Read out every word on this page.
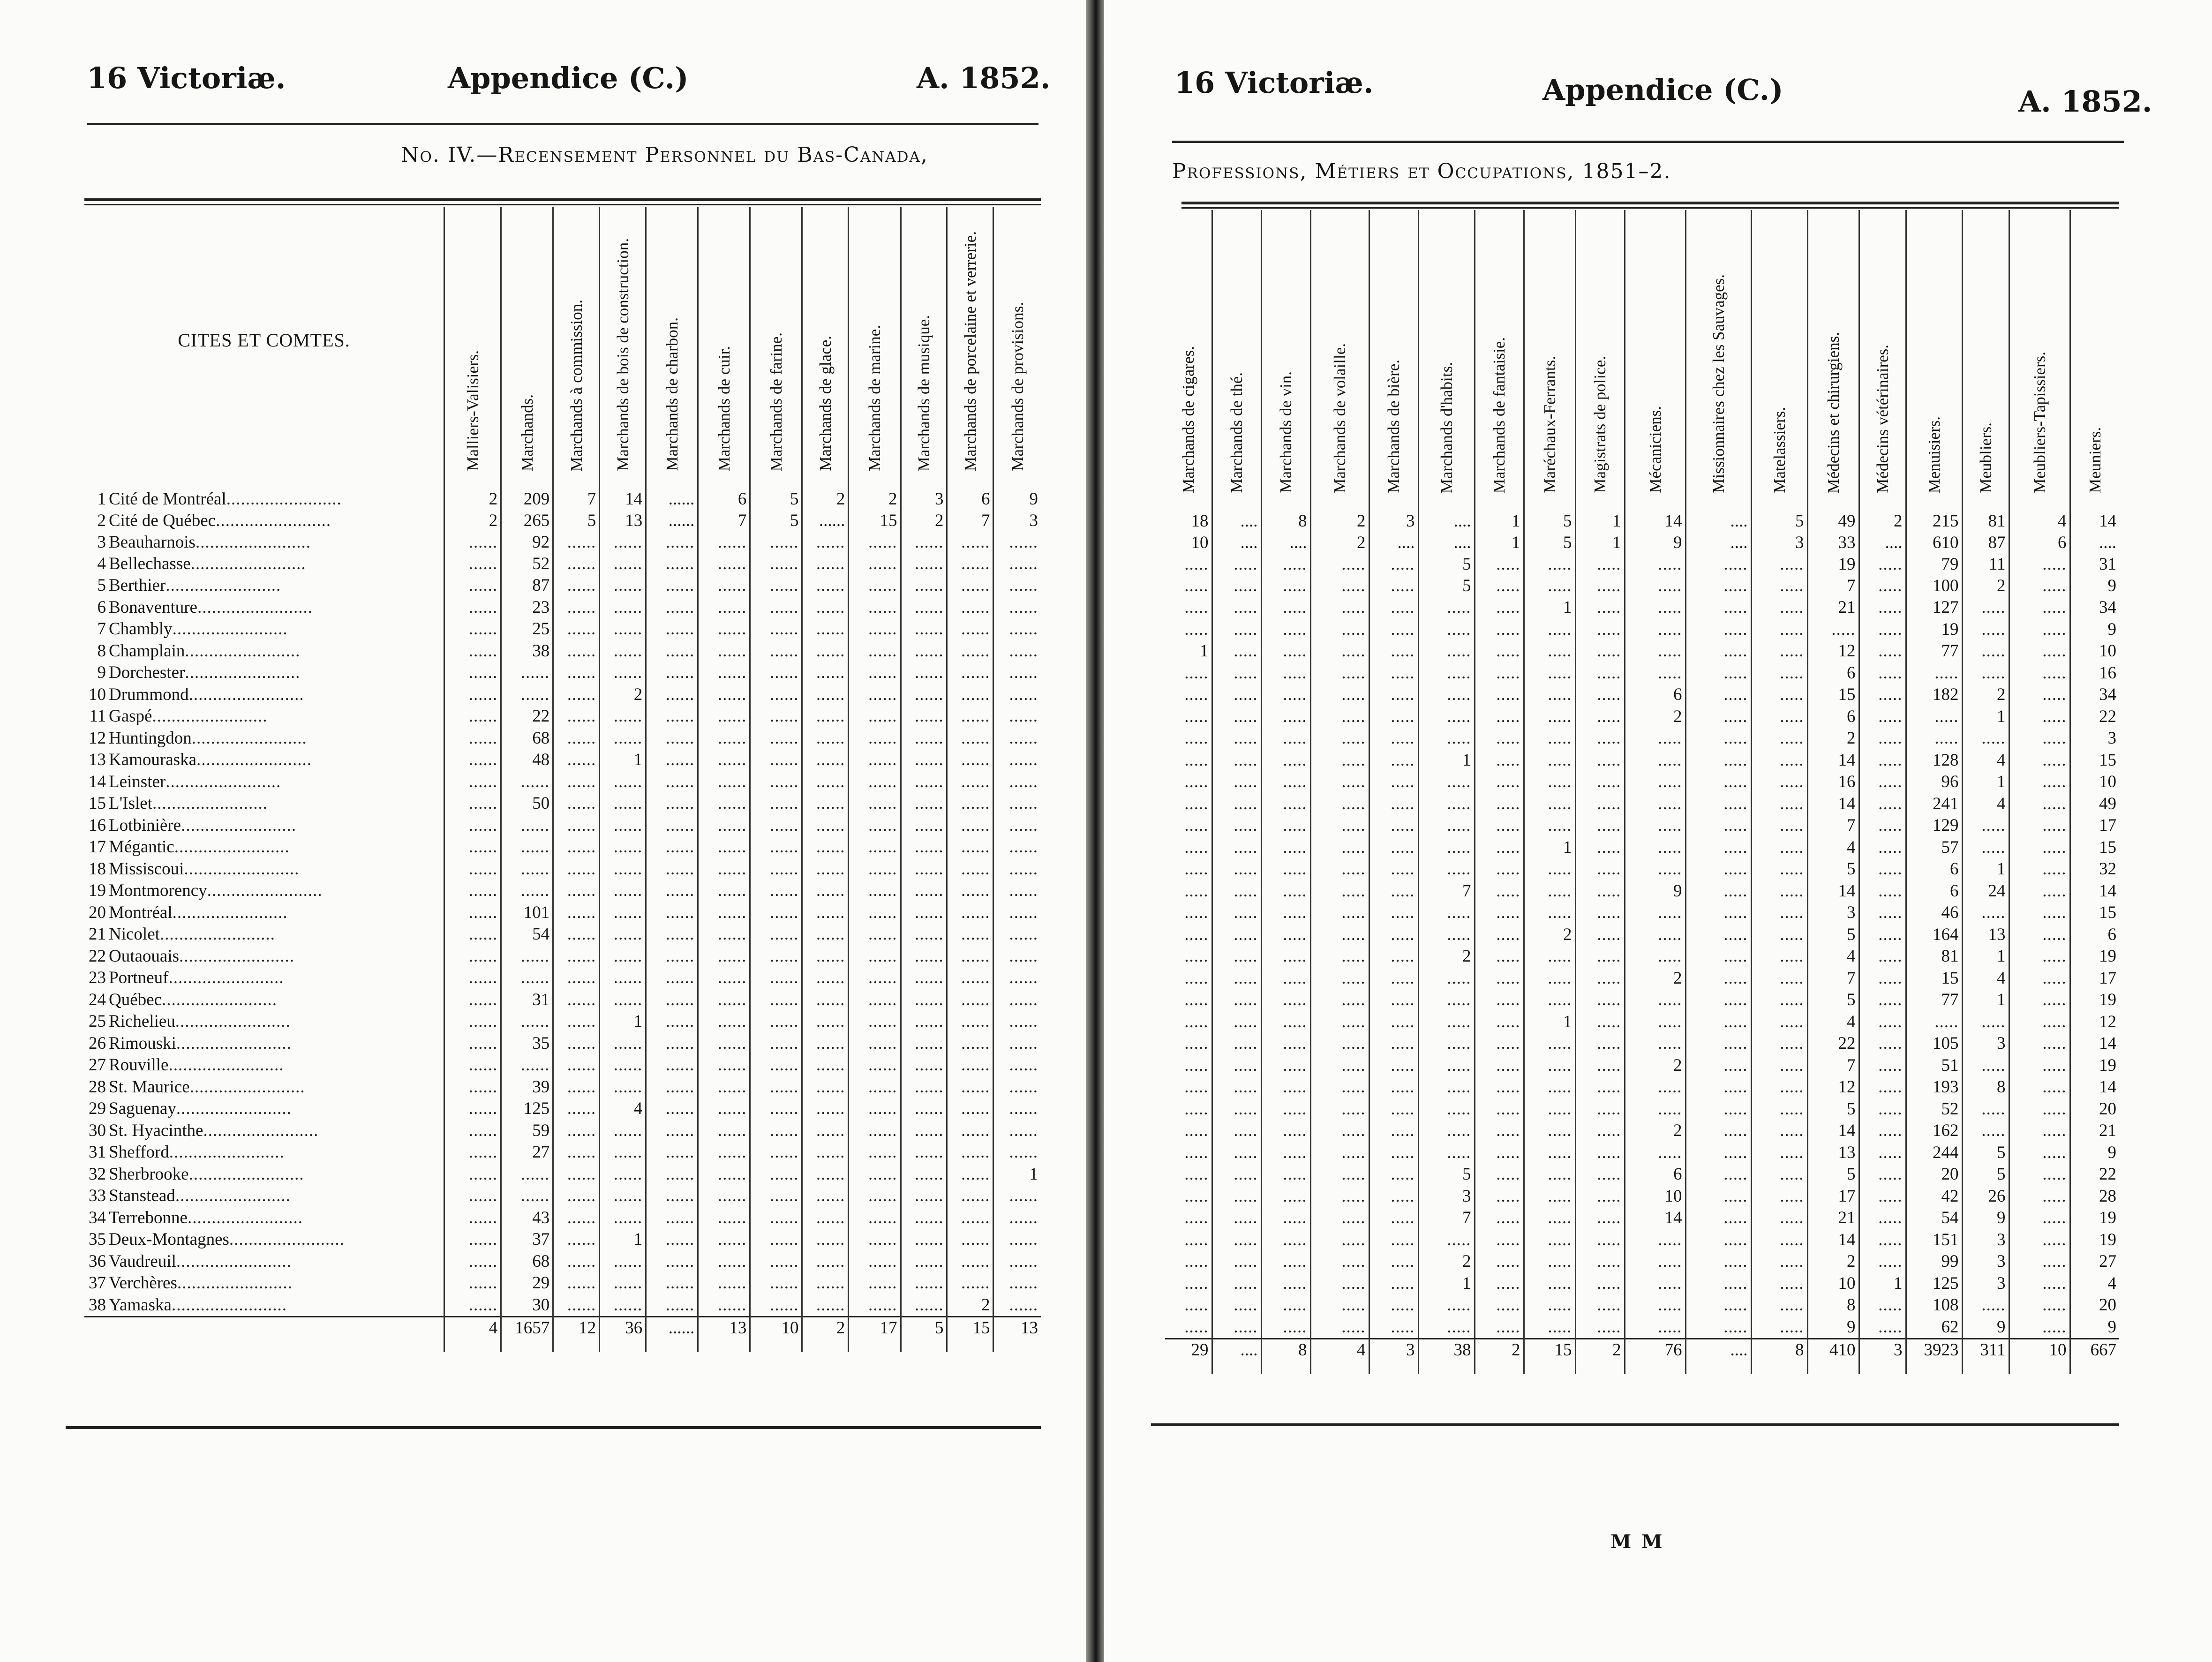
16 Victoriæ.	Appendice (C.)	A. 1852.
No. IV.—Recensement Personnel du Bas-Canada,
CITES ET COMTES.	Malliers-Valisiers.	Marchands.	Marchands à commission.	Marchands de bois de construction.	Marchands de charbon.	Marchands de cuir.	Marchands de farine.	Marchands de glace.	Marchands de marine.	Marchands de musique.	Marchands de porcelaine et verrerie.	Marchands de provisions.

1 Cité de Montréal........................	2	209	7	14	......	6	5	2	2	3	6	9
2 Cité de Québec........................	2	265	5	13	......	7	5	......	15	2	7	3
3 Beauharnois........................	......	92	......	......	......	......	......	......	......	......	......	......
4 Bellechasse........................	......	52	......	......	......	......	......	......	......	......	......	......
5 Berthier........................	......	87	......	......	......	......	......	......	......	......	......	......
6 Bonaventure........................	......	23	......	......	......	......	......	......	......	......	......	......
7 Chambly........................	......	25	......	......	......	......	......	......	......	......	......	......
8 Champlain........................	......	38	......	......	......	......	......	......	......	......	......	......
9 Dorchester........................	......	......	......	......	......	......	......	......	......	......	......	......
10 Drummond........................	......	......	......	2	......	......	......	......	......	......	......	......
11 Gaspé........................	......	22	......	......	......	......	......	......	......	......	......	......
12 Huntingdon........................	......	68	......	......	......	......	......	......	......	......	......	......
13 Kamouraska........................	......	48	......	1	......	......	......	......	......	......	......	......
14 Leinster........................	......	......	......	......	......	......	......	......	......	......	......	......
15 L'Islet........................	......	50	......	......	......	......	......	......	......	......	......	......
16 Lotbinière........................	......	......	......	......	......	......	......	......	......	......	......	......
17 Mégantic........................	......	......	......	......	......	......	......	......	......	......	......	......
18 Missiscoui........................	......	......	......	......	......	......	......	......	......	......	......	......
19 Montmorency........................	......	......	......	......	......	......	......	......	......	......	......	......
20 Montréal........................	......	101	......	......	......	......	......	......	......	......	......	......
21 Nicolet........................	......	54	......	......	......	......	......	......	......	......	......	......
22 Outaouais........................	......	......	......	......	......	......	......	......	......	......	......	......
23 Portneuf........................	......	......	......	......	......	......	......	......	......	......	......	......
24 Québec........................	......	31	......	......	......	......	......	......	......	......	......	......
25 Richelieu........................	......	......	......	1	......	......	......	......	......	......	......	......
26 Rimouski........................	......	35	......	......	......	......	......	......	......	......	......	......
27 Rouville........................	......	......	......	......	......	......	......	......	......	......	......	......
28 St. Maurice........................	......	39	......	......	......	......	......	......	......	......	......	......
29 Saguenay........................	......	125	......	4	......	......	......	......	......	......	......	......
30 St. Hyacinthe........................	......	59	......	......	......	......	......	......	......	......	......	......
31 Shefford........................	......	27	......	......	......	......	......	......	......	......	......	......
32 Sherbrooke........................	......	......	......	......	......	......	......	......	......	......	......	1
33 Stanstead........................	......	......	......	......	......	......	......	......	......	......	......	......
34 Terrebonne........................	......	43	......	......	......	......	......	......	......	......	......	......
35 Deux-Montagnes........................	......	37	......	1	......	......	......	......	......	......	......	......
36 Vaudreuil........................	......	68	......	......	......	......	......	......	......	......	......	......
37 Verchères........................	......	29	......	......	......	......	......	......	......	......	......	......
38 Yamaska........................	......	30	......	......	......	......	......	......	......	......	2	......
	4	1657	12	36	......	13	10	2	17	5	15	13
16 Victoriæ.	Appendice (C.)	A. 1852.
Professions, Métiers et Occupations, 1851–2.
Marchands de cigares.	Marchands de thé.	Marchands de vin.	Marchands de volaille.	Marchands de bière.	Marchands d'habits.	Marchands de fantaisie.	Maréchaux-Ferrants.	Magistrats de police.	Mécaniciens.	Missionnaires chez les Sauvages.	Matelassiers.	Médecins et chirurgiens.	Médecins vétérinaires.	Menuisiers.	Meubliers.	Meubliers-Tapissiers.	Meuniers.

18	....	8	2	3	....	1	5	1	14	....	5	49	2	215	81	4	14
10	....	....	2	....	....	1	5	1	9	....	3	33	....	610	87	6	....
.....	.....	.....	.....	.....	5	.....	.....	.....	.....	.....	.....	19	.....	79	11	.....	31
.....	.....	.....	.....	.....	5	.....	.....	.....	.....	.....	.....	7	.....	100	2	.....	9
.....	.....	.....	.....	.....	.....	.....	1	.....	.....	.....	.....	21	.....	127	.....	.....	34
.....	.....	.....	.....	.....	.....	.....	.....	.....	.....	.....	.....	.....	.....	19	.....	.....	9
1	.....	.....	.....	.....	.....	.....	.....	.....	.....	.....	.....	12	.....	77	.....	.....	10
.....	.....	.....	.....	.....	.....	.....	.....	.....	.....	.....	.....	6	.....	.....	.....	.....	16
.....	.....	.....	.....	.....	.....	.....	.....	.....	6	.....	.....	15	.....	182	2	.....	34
.....	.....	.....	.....	.....	.....	.....	.....	.....	2	.....	.....	6	.....	.....	1	.....	22
.....	.....	.....	.....	.....	.....	.....	.....	.....	.....	.....	.....	2	.....	.....	.....	.....	3
.....	.....	.....	.....	.....	1	.....	.....	.....	.....	.....	.....	14	.....	128	4	.....	15
.....	.....	.....	.....	.....	.....	.....	.....	.....	.....	.....	.....	16	.....	96	1	.....	10
.....	.....	.....	.....	.....	.....	.....	.....	.....	.....	.....	.....	14	.....	241	4	.....	49
.....	.....	.....	.....	.....	.....	.....	.....	.....	.....	.....	.....	7	.....	129	.....	.....	17
.....	.....	.....	.....	.....	.....	.....	1	.....	.....	.....	.....	4	.....	57	.....	.....	15
.....	.....	.....	.....	.....	.....	.....	.....	.....	.....	.....	.....	5	.....	6	1	.....	32
.....	.....	.....	.....	.....	7	.....	.....	.....	9	.....	.....	14	.....	6	24	.....	14
.....	.....	.....	.....	.....	.....	.....	.....	.....	.....	.....	.....	3	.....	46	.....	.....	15
.....	.....	.....	.....	.....	.....	.....	2	.....	.....	.....	.....	5	.....	164	13	.....	6
.....	.....	.....	.....	.....	2	.....	.....	.....	.....	.....	.....	4	.....	81	1	.....	19
.....	.....	.....	.....	.....	.....	.....	.....	.....	2	.....	.....	7	.....	15	4	.....	17
.....	.....	.....	.....	.....	.....	.....	.....	.....	.....	.....	.....	5	.....	77	1	.....	19
.....	.....	.....	.....	.....	.....	.....	1	.....	.....	.....	.....	4	.....	.....	.....	.....	12
.....	.....	.....	.....	.....	.....	.....	.....	.....	.....	.....	.....	22	.....	105	3	.....	14
.....	.....	.....	.....	.....	.....	.....	.....	.....	2	.....	.....	7	.....	51	.....	.....	19
.....	.....	.....	.....	.....	.....	.....	.....	.....	.....	.....	.....	12	.....	193	8	.....	14
.....	.....	.....	.....	.....	.....	.....	.....	.....	.....	.....	.....	5	.....	52	.....	.....	20
.....	.....	.....	.....	.....	.....	.....	.....	.....	2	.....	.....	14	.....	162	.....	.....	21
.....	.....	.....	.....	.....	.....	.....	.....	.....	.....	.....	.....	13	.....	244	5	.....	9
.....	.....	.....	.....	.....	5	.....	.....	.....	6	.....	.....	5	.....	20	5	.....	22
.....	.....	.....	.....	.....	3	.....	.....	.....	10	.....	.....	17	.....	42	26	.....	28
.....	.....	.....	.....	.....	7	.....	.....	.....	14	.....	.....	21	.....	54	9	.....	19
.....	.....	.....	.....	.....	.....	.....	.....	.....	.....	.....	.....	14	.....	151	3	.....	19
.....	.....	.....	.....	.....	2	.....	.....	.....	.....	.....	.....	2	.....	99	3	.....	27
.....	.....	.....	.....	.....	1	.....	.....	.....	.....	.....	.....	10	1	125	3	.....	4
.....	.....	.....	.....	.....	.....	.....	.....	.....	.....	.....	.....	8	.....	108	.....	.....	20
.....	.....	.....	.....	.....	.....	.....	.....	.....	.....	.....	.....	9	.....	62	9	.....	9
29	....	8	4	3	38	2	15	2	76	....	8	410	3	3923	311	10	667
M M
